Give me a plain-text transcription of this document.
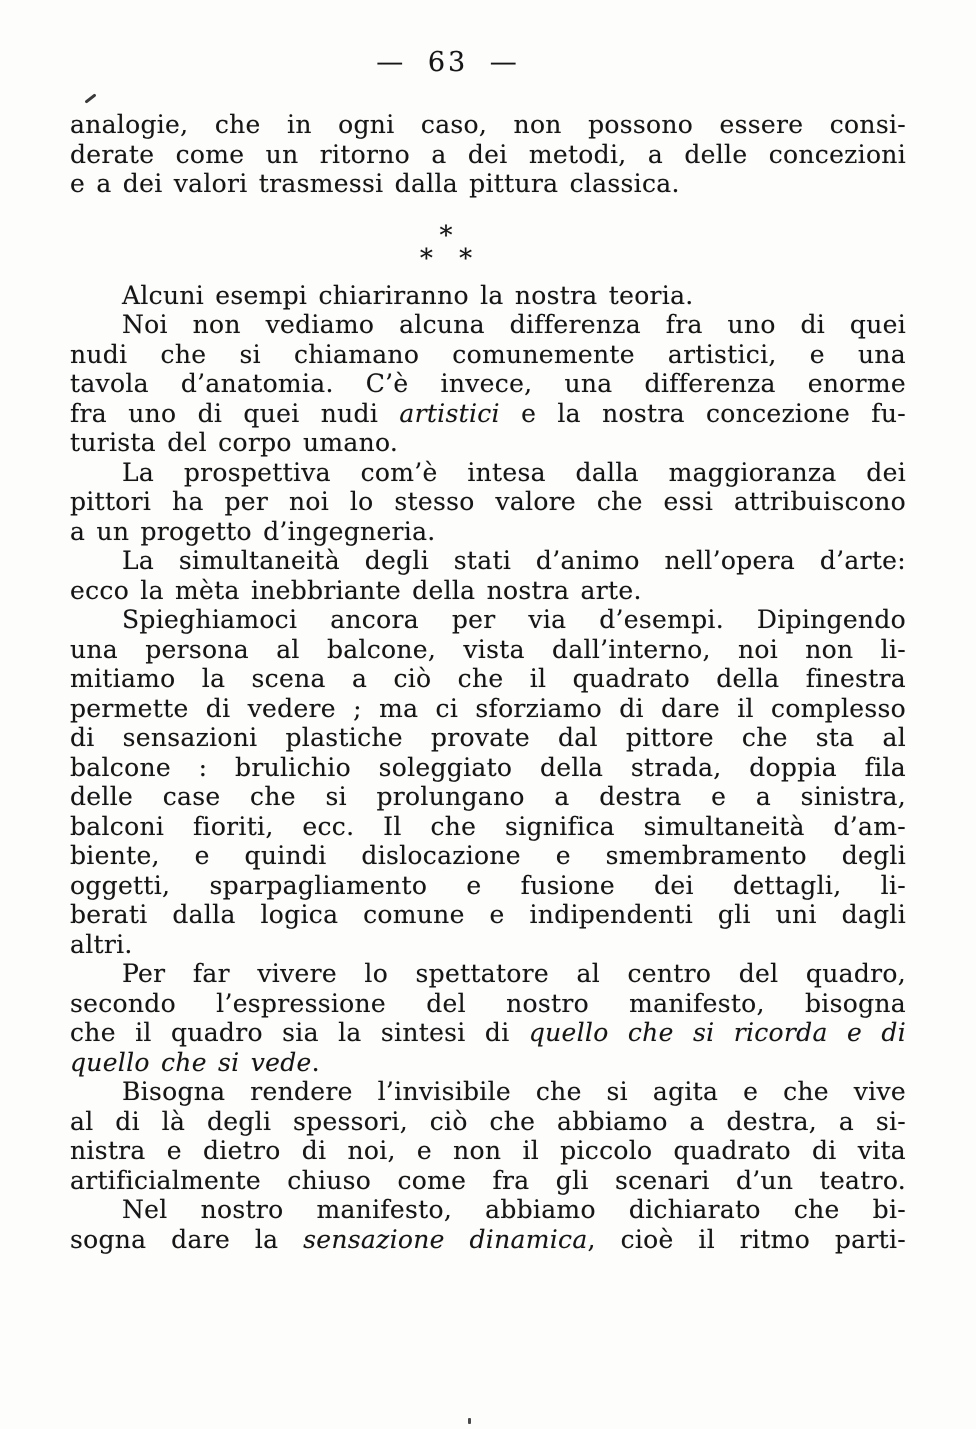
— 63 —
analogie, che in ogni caso, non possono essere consi-
derate come un ritorno a dei metodi, a delle concezioni
e a dei valori trasmessi dalla pittura classica.
*
* *
Alcuni esempi chiariranno la nostra teoria.
Noi non vediamo alcuna differenza fra uno di quei
nudi che si chiamano comunemente artistici, e una
tavola d’anatomia. C’è invece, una differenza enorme
fra uno di quei nudi artistici e la nostra concezione fu-
turista del corpo umano.
La prospettiva com’è intesa dalla maggioranza dei
pittori ha per noi lo stesso valore che essi attribuiscono
a un progetto d’ingegneria.
La simultaneità degli stati d’animo nell’opera d’arte:
ecco la mèta inebbriante della nostra arte.
Spieghiamoci ancora per via d’esempi. Dipingendo
una persona al balcone, vista dall’interno, noi non li-
mitiamo la scena a ciò che il quadrato della finestra
permette di vedere ; ma ci sforziamo di dare il complesso
di sensazioni plastiche provate dal pittore che sta al
balcone : brulichio soleggiato della strada, doppia fila
delle case che si prolungano a destra e a sinistra,
balconi fioriti, ecc. Il che significa simultaneità d’am-
biente, e quindi dislocazione e smembramento degli
oggetti, sparpagliamento e fusione dei dettagli, li-
berati dalla logica comune e indipendenti gli uni dagli
altri.
Per far vivere lo spettatore al centro del quadro,
secondo l’espressione del nostro manifesto, bisogna
che il quadro sia la sintesi di quello che si ricorda e di
quello che si vede.
Bisogna rendere l’invisibile che si agita e che vive
al di là degli spessori, ciò che abbiamo a destra, a si-
nistra e dietro di noi, e non il piccolo quadrato di vita
artificialmente chiuso come fra gli scenari d’un teatro.
Nel nostro manifesto, abbiamo dichiarato che bi-
sogna dare la sensazione dinamica, cioè il ritmo parti-
